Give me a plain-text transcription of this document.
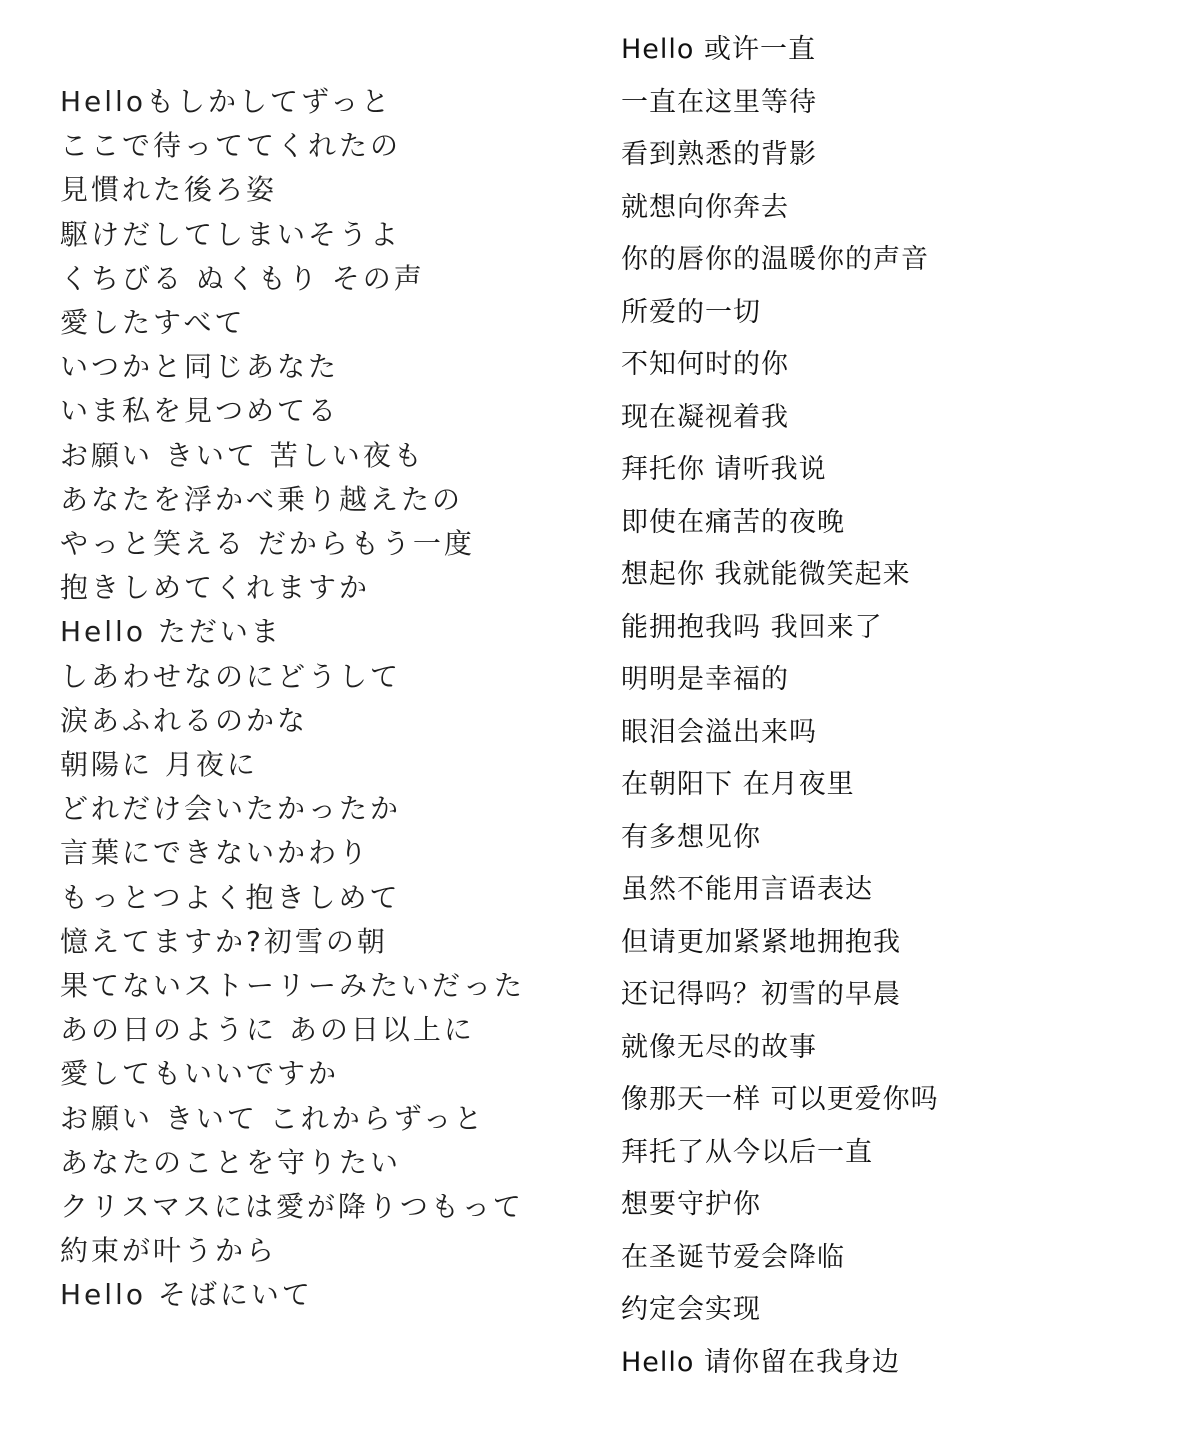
Helloもしかしてずっと
ここで待っててくれたの
見慣れた後ろ姿
駆けだしてしまいそうよ
くちびる ぬくもり その声
愛したすべて
いつかと同じあなた
いま私を見つめてる
お願い きいて 苦しい夜も
あなたを浮かべ乗り越えたの
やっと笑える だからもう一度
抱きしめてくれますか
Hello ただいま
しあわせなのにどうして
涙あふれるのかな
朝陽に 月夜に
どれだけ会いたかったか
言葉にできないかわり
もっとつよく抱きしめて
憶えてますか?初雪の朝
果てないストーリーみたいだった
あの日のように あの日以上に
愛してもいいですか
お願い きいて これからずっと
あなたのことを守りたい
クリスマスには愛が降りつもって
約束が叶うから
Hello そばにいて
Hello 或许一直
一直在这里等待
看到熟悉的背影
就想向你奔去
你的唇你的温暖你的声音
所爱的一切
不知何时的你
现在凝视着我
拜托你 请听我说
即使在痛苦的夜晚
想起你 我就能微笑起来
能拥抱我吗 我回来了
明明是幸福的
眼泪会溢出来吗
在朝阳下 在月夜里
有多想见你
虽然不能用言语表达
但请更加紧紧地拥抱我
还记得吗？初雪的早晨
就像无尽的故事
像那天一样 可以更爱你吗
拜托了从今以后一直
想要守护你
在圣诞节爱会降临
约定会实现
Hello 请你留在我身边
